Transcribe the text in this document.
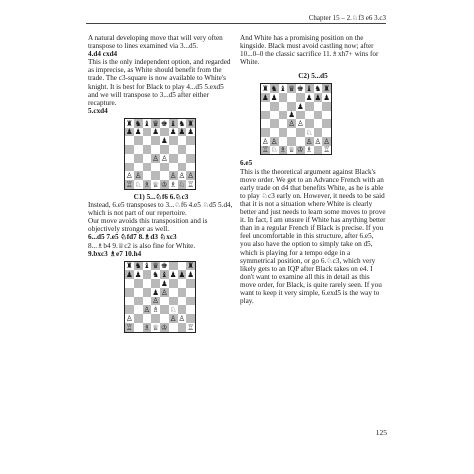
Chapter 15 – 2.♘f3 e6 3.c3

A natural developing move that will very often transpose to lines examined via 3...d5.

4.d4 cxd4

This is the only independent option, and regarded as imprecise, as White should benefit from the trade. The c3-square is now available to White's knight. It is best for Black to play 4...d5 5.exd5 and we will transpose to 3...d5 after either recapture.

5.cxd4

♜ ♞ ♝ ♛ ♚ ♝ ♞ ♜
♟ ♟ ♟ ♟ ♟ ♟
♟
♙ ♙
♙ ♙	♙ ♙ ♙
♖ ♘ ♗ ♕ ♔ ♗ ♘ ♖

C1) 5...♘f6 6.♘c3

Instead, 6.e5 transposes to 3...♘f6 4.e5 ♘d5 5.d4, which is not part of our repertoire.

Our move avoids this transposition and is objectively stronger as well.

6...d5 7.e5 ♘fd7 8.♗d3 ♘xc3

8...♗b4 9.♕c2 is also fine for White.

9.bxc3 ♗e7 10.h4

♜ ♞ ♝ ♛ ♚	♜
♟ ♟ ♞ ♝ ♟ ♟ ♟
♟
♟ ♙
♙
♙ ♗ ♘
♙	♙ ♙
♖ ♗ ♕ ♔	♖

And White has a promising position on the kingside. Black must avoid castling now; after 10...0–0 the classic sacrifice 11.♗xh7+ wins for White.

C2) 5...d5

♜ ♞ ♝ ♛ ♚ ♝ ♞ ♜
♟ ♟	♟ ♟ ♟
♟
♟
♙ ♙
♘
♙ ♙	♙ ♙ ♙
♖ ♘ ♗ ♕ ♔ ♗ ♖

6.e5

This is the theoretical argument against Black's move order. We get to an Advance French with an early trade on d4 that benefits White, as he is able to play ♘c3 early on. However, it needs to be said that it is not a situation where White is clearly better and just needs to learn some moves to prove it. In fact, I am unsure if White has anything better than in a regular French if Black is precise. If you feel uncomfortable in this structure, after 6.e5, you also have the option to simply take on d5, which is playing for a tempo edge in a symmetrical position, or go 6.♘c3, which very likely gets to an IQP after Black takes on e4. I don't want to examine all this in detail as this move order, for Black, is quite rarely seen. If you want to keep it very simple, 6.exd5 is the way to play.

125
